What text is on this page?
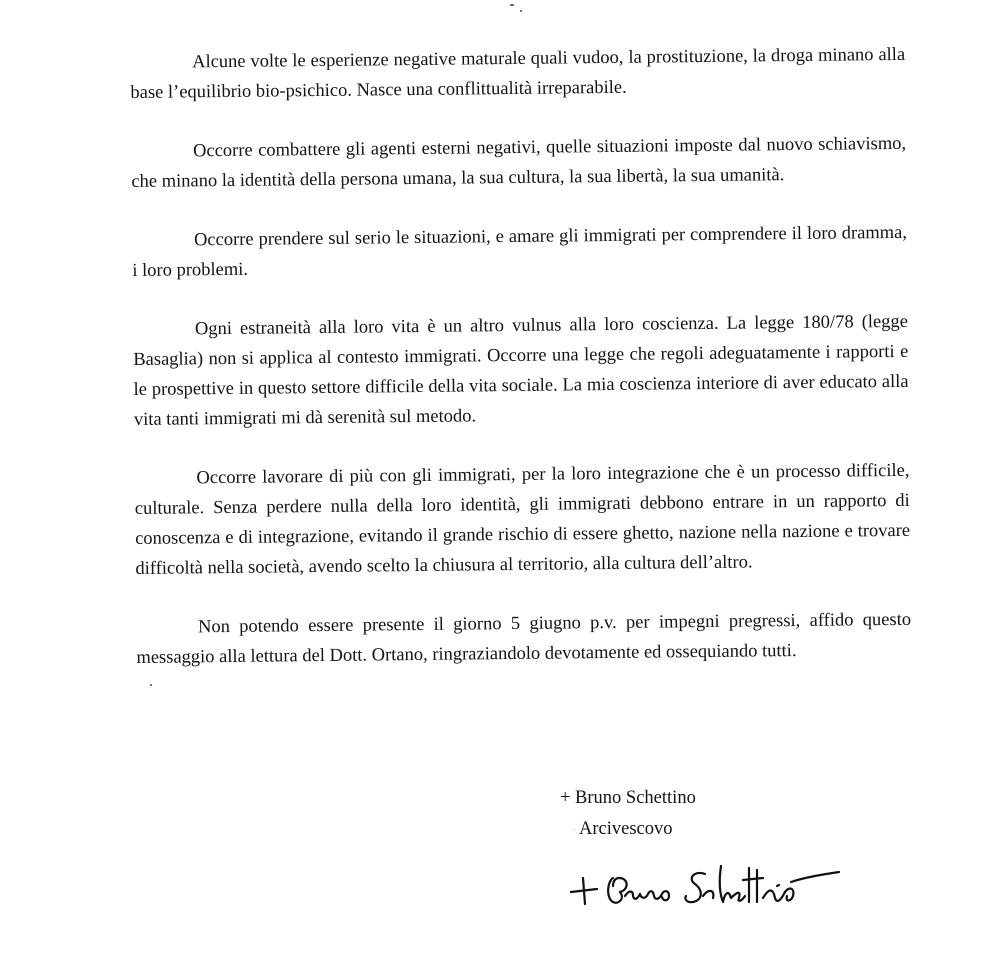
Alcune volte le esperienze negative maturale quali vudoo, la prostituzione, la droga minano alla base l’equilibrio bio-psichico. Nasce una conflittualità irreparabile.

Occorre combattere gli agenti esterni negativi, quelle situazioni imposte dal nuovo schiavismo, che minano la identità della persona umana, la sua cultura, la sua libertà, la sua umanità.

Occorre prendere sul serio le situazioni, e amare gli immigrati per comprendere il loro dramma, i loro problemi.

Ogni estraneità alla loro vita è un altro vulnus alla loro coscienza. La legge 180/78 (legge Basaglia) non si applica al contesto immigrati. Occorre una legge che regoli adeguatamente i rapporti e le prospettive in questo settore difficile della vita sociale. La mia coscienza interiore di aver educato alla vita tanti immigrati mi dà serenità sul metodo.

Occorre lavorare di più con gli immigrati, per la loro integrazione che è un processo difficile, culturale. Senza perdere nulla della loro identità, gli immigrati debbono entrare in un rapporto di conoscenza e di integrazione, evitando il grande rischio di essere ghetto, nazione nella nazione e trovare difficoltà nella società, avendo scelto la chiusura al territorio, alla cultura dell’altro.

Non potendo essere presente il giorno 5 giugno p.v. per impegni pregressi, affido questo messaggio alla lettura del Dott. Ortano, ringraziandolo devotamente ed ossequiando tutti.

+ Bruno Schettino
· Arcivescovo
